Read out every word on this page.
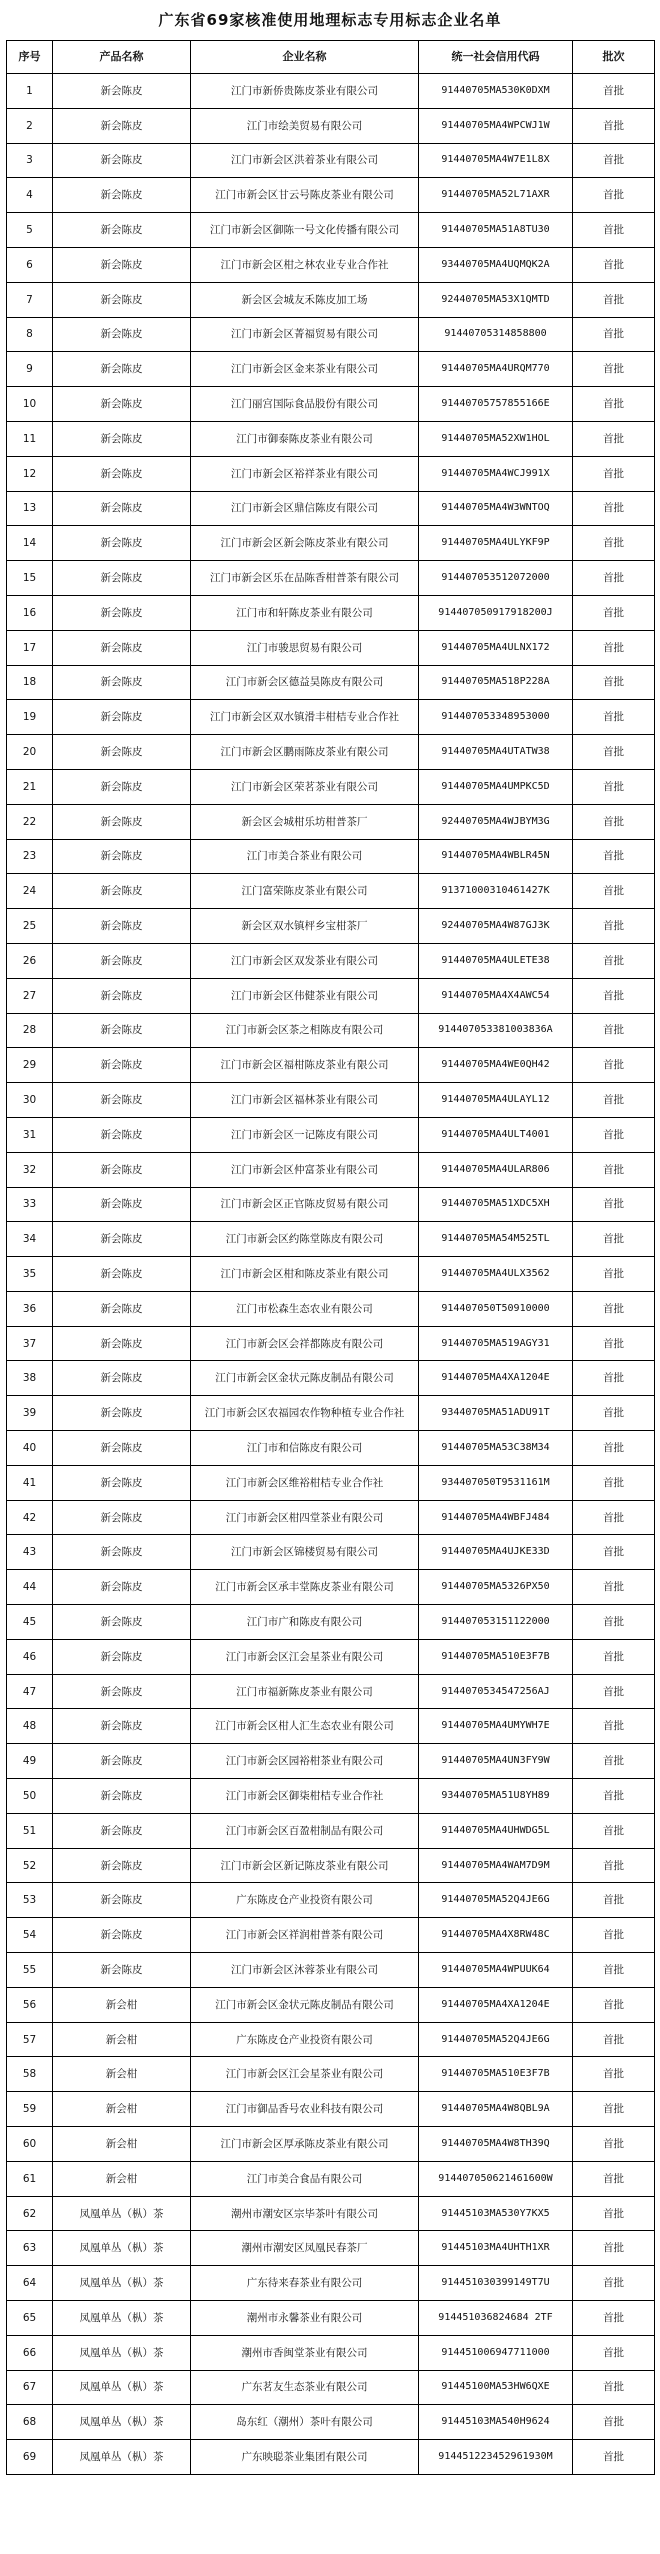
广东省69家核准使用地理标志专用标志企业名单
序号	产品名称	企业名称	统一社会信用代码	批次
1	新会陈皮	江门市新侨贵陈皮茶业有限公司	91440705MA530K0DXM	首批
2	新会陈皮	江门市绘美贸易有限公司	91440705MA4WPCWJ1W	首批
3	新会陈皮	江门市新会区洪着茶业有限公司	91440705MA4W7E1L8X	首批
4	新会陈皮	江门市新会区甘云号陈皮茶业有限公司	91440705MA52L71AXR	首批
5	新会陈皮	江门市新会区御陈一号文化传播有限公司	91440705MA51A8TU30	首批
6	新会陈皮	江门市新会区柑之林农业专业合作社	93440705MA4UQMQK2A	首批
7	新会陈皮	新会区会城友禾陈皮加工场	92440705MA53X1QMTD	首批
8	新会陈皮	江门市新会区菁福贸易有限公司	91440705314858800	首批
9	新会陈皮	江门市新会区金来茶业有限公司	91440705MA4URQM770	首批
10	新会陈皮	江门丽宫国际食品股份有限公司	91440705757855166E	首批
11	新会陈皮	江门市御泰陈皮茶业有限公司	91440705MA52XW1HOL	首批
12	新会陈皮	江门市新会区裕祥茶业有限公司	91440705MA4WCJ991X	首批
13	新会陈皮	江门市新会区鼎信陈皮有限公司	91440705MA4W3WNTOQ	首批
14	新会陈皮	江门市新会区新会陈皮茶业有限公司	91440705MA4ULYKF9P	首批
15	新会陈皮	江门市新会区乐在品陈香柑普茶有限公司	914407053512072000	首批
16	新会陈皮	江门市和轩陈皮茶业有限公司	914407050917918200J	首批
17	新会陈皮	江门市骏思贸易有限公司	91440705MA4ULNX172	首批
18	新会陈皮	江门市新会区德益昊陈皮有限公司	91440705MA518P228A	首批
19	新会陈皮	江门市新会区双水镇滑丰柑桔专业合作社	914407053348953000	首批
20	新会陈皮	江门市新会区鹏雨陈皮茶业有限公司	91440705MA4UTATW38	首批
21	新会陈皮	江门市新会区荣茗茶业有限公司	91440705MA4UMPKC5D	首批
22	新会陈皮	新会区会城柑乐坊柑普茶厂	92440705MA4WJBYM3G	首批
23	新会陈皮	江门市美合茶业有限公司	91440705MA4WBLR45N	首批
24	新会陈皮	江门富荣陈皮茶业有限公司	91371000310461427K	首批
25	新会陈皮	新会区双水镇枰乡宝柑茶厂	92440705MA4W87GJ3K	首批
26	新会陈皮	江门市新会区双发茶业有限公司	91440705MA4ULETE38	首批
27	新会陈皮	江门市新会区伟健茶业有限公司	91440705MA4X4AWC54	首批
28	新会陈皮	江门市新会区茶之相陈皮有限公司	914407053381003836A	首批
29	新会陈皮	江门市新会区福柑陈皮茶业有限公司	91440705MA4WE0QH42	首批
30	新会陈皮	江门市新会区福林茶业有限公司	91440705MA4ULAYL12	首批
31	新会陈皮	江门市新会区一记陈皮有限公司	91440705MA4ULT4001	首批
32	新会陈皮	江门市新会区仲富茶业有限公司	91440705MA4ULAR806	首批
33	新会陈皮	江门市新会区正官陈皮贸易有限公司	91440705MA51XDC5XH	首批
34	新会陈皮	江门市新会区约陈堂陈皮有限公司	91440705MA54M525TL	首批
35	新会陈皮	江门市新会区柑和陈皮茶业有限公司	91440705MA4ULX3562	首批
36	新会陈皮	江门市松森生态农业有限公司	914407050T50910000	首批
37	新会陈皮	江门市新会区会祥都陈皮有限公司	91440705MA519AGY31	首批
38	新会陈皮	江门市新会区金状元陈皮制品有限公司	91440705MA4XA1204E	首批
39	新会陈皮	江门市新会区农福园农作物种植专业合作社	93440705MA51ADU91T	首批
40	新会陈皮	江门市和信陈皮有限公司	91440705MA53C38M34	首批
41	新会陈皮	江门市新会区维裕柑桔专业合作社	934407050T9531161M	首批
42	新会陈皮	江门市新会区柑四堂茶业有限公司	91440705MA4WBFJ484	首批
43	新会陈皮	江门市新会区锦楼贸易有限公司	91440705MA4UJKE33D	首批
44	新会陈皮	江门市新会区承丰堂陈皮茶业有限公司	91440705MA5326PX50	首批
45	新会陈皮	江门市广和陈皮有限公司	914407053151122000	首批
46	新会陈皮	江门市新会区江会星茶业有限公司	91440705MA510E3F7B	首批
47	新会陈皮	江门市福新陈皮茶业有限公司	9144070534547256AJ	首批
48	新会陈皮	江门市新会区柑人汇生态农业有限公司	91440705MA4UMYWH7E	首批
49	新会陈皮	江门市新会区园裕柑茶业有限公司	91440705MA4UN3FY9W	首批
50	新会陈皮	江门市新会区御柒柑桔专业合作社	93440705MA51U8YH89	首批
51	新会陈皮	江门市新会区百盈柑制品有限公司	91440705MA4UHWDG5L	首批
52	新会陈皮	江门市新会区新记陈皮茶业有限公司	91440705MA4WAM7D9M	首批
53	新会陈皮	广东陈皮仓产业投资有限公司	91440705MA52Q4JE6G	首批
54	新会陈皮	江门市新会区祥润柑普茶有限公司	91440705MA4X8RW48C	首批
55	新会陈皮	江门市新会区沐蓉茶业有限公司	91440705MA4WPUUK64	首批
56	新会柑	江门市新会区金状元陈皮制品有限公司	91440705MA4XA1204E	首批
57	新会柑	广东陈皮仓产业投资有限公司	91440705MA52Q4JE6G	首批
58	新会柑	江门市新会区江会星茶业有限公司	91440705MA510E3F7B	首批
59	新会柑	江门市御品香号农业科技有限公司	91440705MA4W8QBL9A	首批
60	新会柑	江门市新会区厚承陈皮茶业有限公司	91440705MA4W8TH39Q	首批
61	新会柑	江门市美合食品有限公司	914407050621461600W	首批
62	凤凰单丛（枞）茶	潮州市潮安区宗毕茶叶有限公司	91445103MA530Y7KX5	首批
63	凤凰单丛（枞）茶	潮州市潮安区凤凰民春茶厂	91445103MA4UHTH1XR	首批
64	凤凰单丛（枞）茶	广东待来春茶业有限公司	914451030399149T7U	首批
65	凤凰单丛（枞）茶	潮州市永馨茶业有限公司	914451036824684 2TF	首批
66	凤凰单丛（枞）茶	潮州市香闽堂茶业有限公司	914451006947711000	首批
67	凤凰单丛（枞）茶	广东茗友生态茶业有限公司	91445100MA53HW6QXE	首批
68	凤凰单丛（枞）茶	岛东红（潮州）茶叶有限公司	91445103MA540H9624	首批
69	凤凰单丛（枞）茶	广东映聪茶业集团有限公司	914451223452961930M	首批
